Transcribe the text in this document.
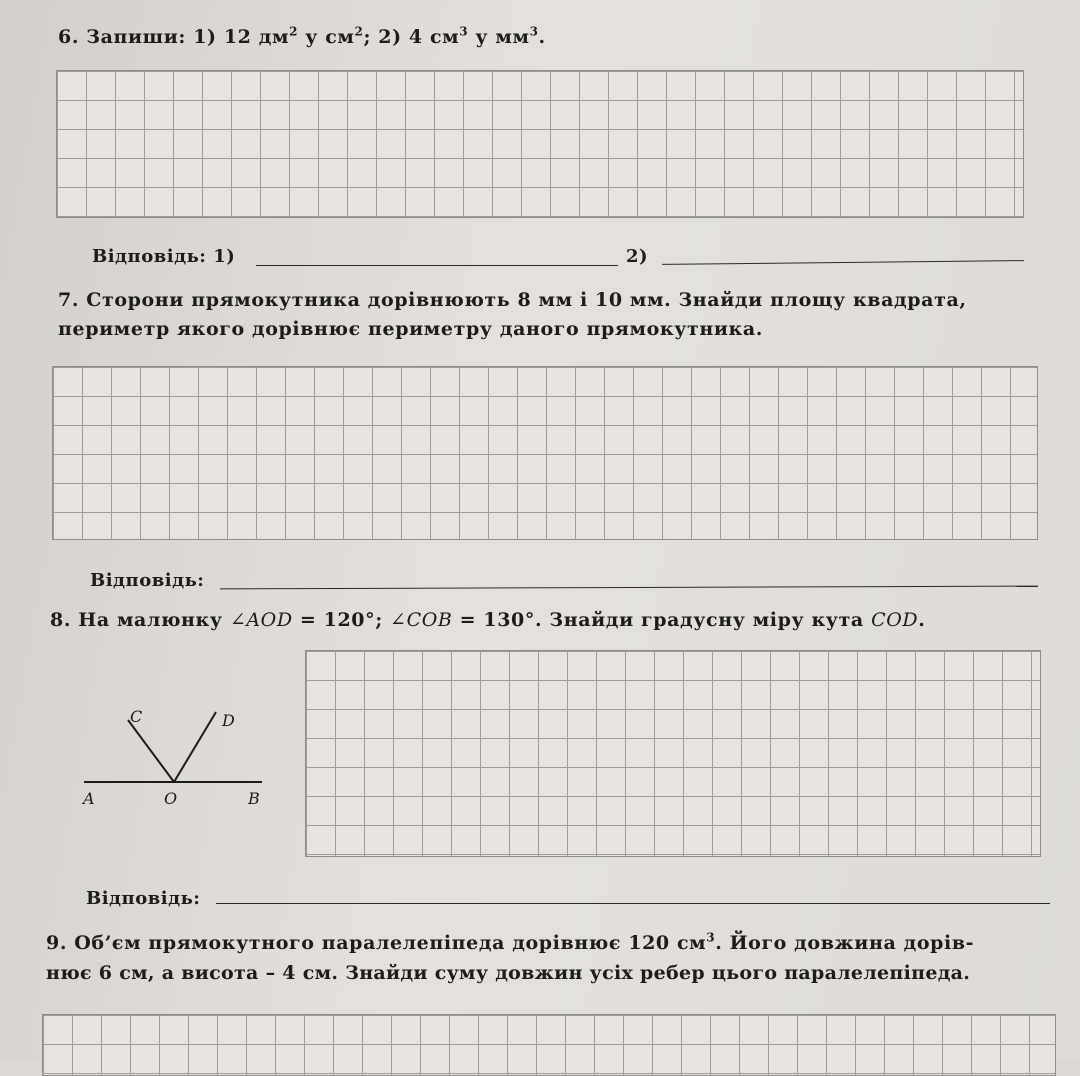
6. Запиши: 1) 12 $дм^2$ у $см^2$; 2) 4 $см^3$ у $мм^3$.
Відповідь: 1)	2)
7. Сторони прямокутника дорівнюють 8 мм і 10 мм. Знайди площу квадрата,
периметр якого дорівнює периметру даного прямокутника.
Відповідь:
8. На малюнку ∠AOD = 120°; ∠COB = 130°. Знайди градусну міру кута COD.
C	D
A	O	B
Відповідь:
9. Об’єм прямокутного паралелепіпеда дорівнює 120 $см^3$. Його довжина дорів-
нює 6 см, а висота – 4 см. Знайди суму довжин усіх ребер цього паралелепіпеда.
